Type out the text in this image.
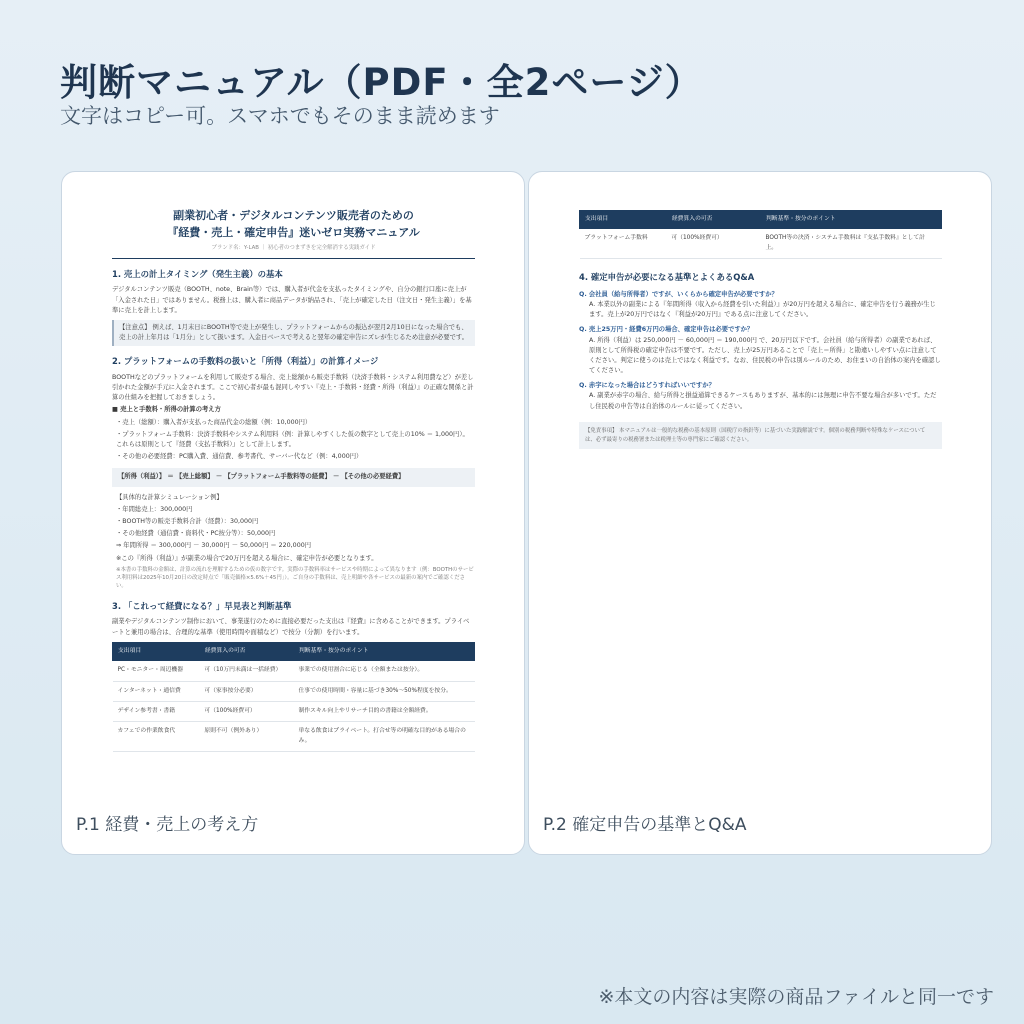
判断マニュアル（PDF・全2ページ）
文字はコピー可。スマホでもそのまま読めます
副業初心者・デジタルコンテンツ販売者のための
『経費・売上・確定申告』迷いゼロ実務マニュアル
ブランド名：Y-LAB ｜ 初心者のつまずきを完全解消する実践ガイド
1. 売上の計上タイミング（発生主義）の基本
デジタルコンテンツ販売（BOOTH、note、Brain等）では、購入者が代金を支払ったタイミングや、自分の銀行口座に売上が「入金された日」ではありません。税務上は、購入者に商品データが納品され、「売上が確定した日（注文日・発生主義）」を基準に売上を計上します。
【注意点】 例えば、1月末日にBOOTH等で売上が発生し、プラットフォームからの振込が翌月2月10日になった場合でも、売上の計上年月は「1月分」として扱います。入金日ベースで考えると翌年の確定申告にズレが生じるため注意が必要です。
2. プラットフォームの手数料の扱いと「所得（利益）」の計算イメージ
BOOTHなどのプラットフォームを利用して販売する場合、売上総額から販売手数料（決済手数料・システム利用費など）が差し引かれた金額が手元に入金されます。ここで初心者が最も混同しやすい『売上・手数料・経費・所得（利益）』の正確な関係と計算の仕組みを把握しておきましょう。
■ 売上と手数料・所得の計算の考え方
・売上（総額）：購入者が支払った商品代金の総額（例：10,000円）
・プラットフォーム手数料：決済手数料やシステム利用料（例：計算しやすくした仮の数字として売上の10% ＝ 1,000円）。これらは原則として『経費（支払手数料）』として計上します。
・その他の必要経費：PC購入費、通信費、参考書代、サーバー代など（例：4,000円）
【所得（利益）】 ＝ 【売上総額】 － 【プラットフォーム手数料等の経費】 － 【その他の必要経費】
【具体的な計算シミュレーション例】
・年間総売上：300,000円
・BOOTH等の販売手数料合計（経費）：30,000円
・その他経費（通信費・資料代・PC按分等）：50,000円
⇒ 年間所得 ＝ 300,000円 － 30,000円 － 50,000円 ＝ 220,000円
※この『所得（利益）』が副業の場合で20万円を超える場合に、確定申告が必要となります。
※本書の手数料の金額は、計算の流れを理解するための仮の数字です。実際の手数料率はサービスや時期によって異なります（例：BOOTHのサービス利用料は2025年10月20日の改定時点で「販売価格×5.6%＋45円」）。ご自身の手数料は、売上明細や各サービスの最新の案内でご確認ください。
3. 「これって経費になる？」早見表と判断基準
副業やデジタルコンテンツ制作において、事業遂行のために直接必要だった支出は『経費』に含めることができます。プライベートと兼用の場合は、合理的な基準（使用時間や面積など）で按分（分割）を行います。
支出項目	経費算入の可否	判断基準・按分のポイント
PC・モニター・周辺機器	可（10万円未満は一括経費）	事業での使用割合に応じる（全額または按分）。
インターネット・通信費	可（家事按分必要）	仕事での使用時間・容量に基づき30%〜50%程度を按分。
デザイン参考書・書籍	可（100%経費可）	制作スキル向上やリサーチ目的の書籍は全額経費。
カフェでの作業飲食代	原則不可（例外あり）	単なる飲食はプライベート。打合せ等の明確な目的がある場合のみ。
P.1 経費・売上の考え方
支出項目	経費算入の可否	判断基準・按分のポイント
プラットフォーム手数料	可（100%経費可）	BOOTH等の決済・システム手数料は『支払手数料』として計上。
4. 確定申告が必要になる基準とよくあるQ&A
Q. 会社員（給与所得者）ですが、いくらから確定申告が必要ですか？
A. 本業以外の副業による『年間所得（収入から経費を引いた利益）』が20万円を超える場合に、確定申告を行う義務が生じます。売上が20万円ではなく『利益が20万円』である点に注意してください。
Q. 売上25万円・経費6万円の場合、確定申告は必要ですか？
A. 所得（利益）は 250,000円 － 60,000円 ＝ 190,000円 で、20万円以下です。会社員（給与所得者）の副業であれば、原則として所得税の確定申告は不要です。ただし、売上が25万円あることで「売上＝所得」と勘違いしやすい点に注意してください。判定に使うのは売上ではなく利益です。なお、住民税の申告は別ルールのため、お住まいの自治体の案内を確認してください。
Q. 赤字になった場合はどうすればいいですか？
A. 副業が赤字の場合、給与所得と損益通算できるケースもありますが、基本的には無理に申告不要な場合が多いです。ただし住民税の申告等は自治体のルールに従ってください。
【免責事項】 本マニュアルは一般的な税務の基本原則（国税庁の指針等）に基づいた実践解説です。個別の税務判断や特殊なケースについては、必ず最寄りの税務署または税理士等の専門家にご確認ください。
P.2 確定申告の基準とQ&A
※本文の内容は実際の商品ファイルと同一です
